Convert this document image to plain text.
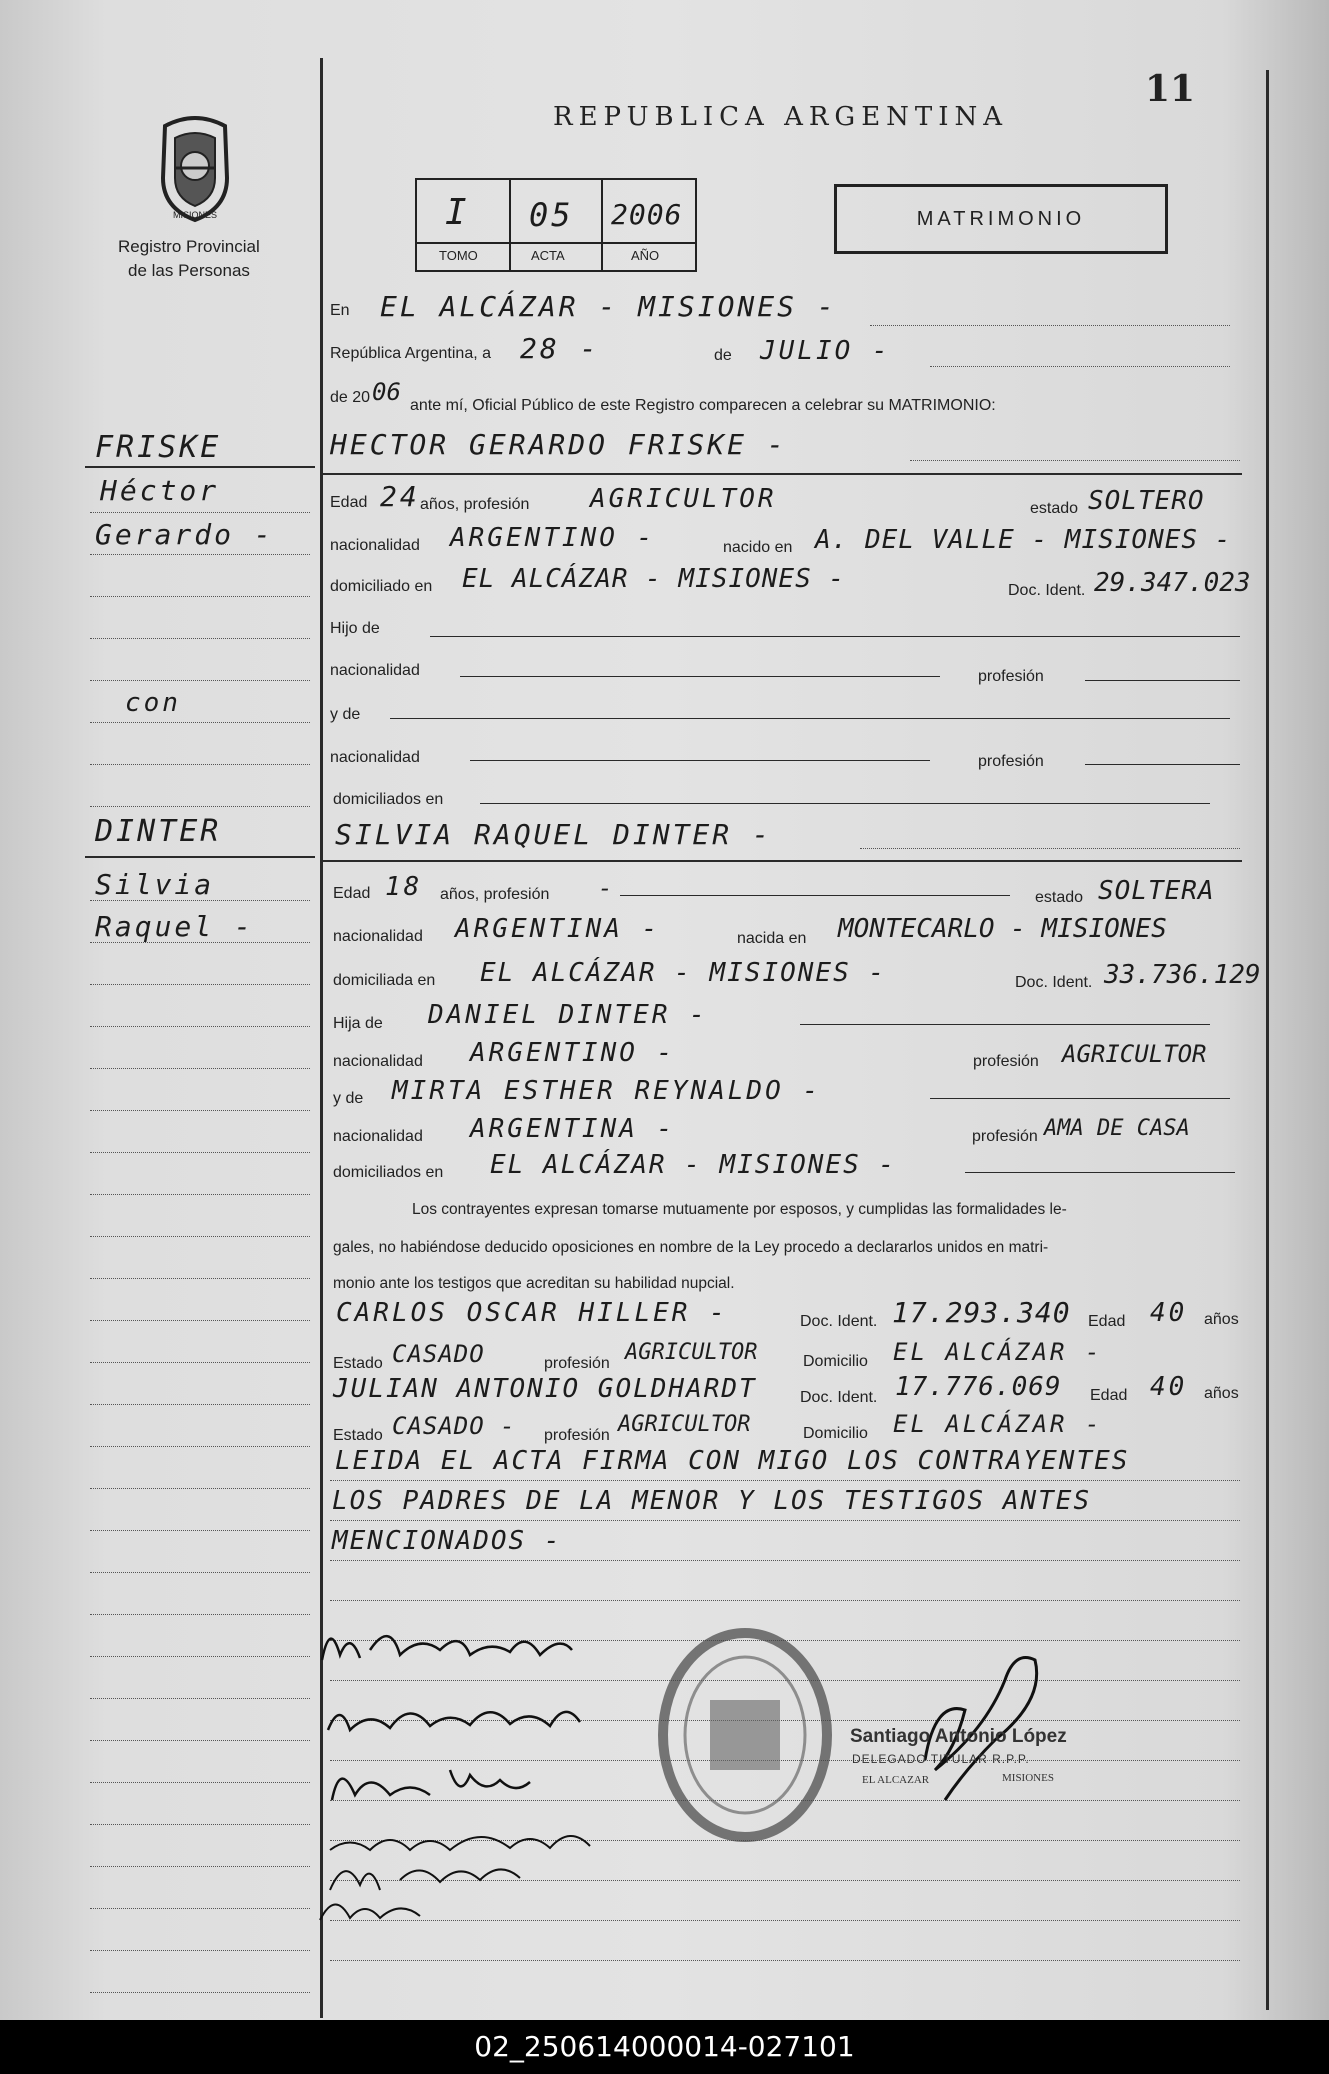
11
MISIONES
Registro Provincial
de las Personas
REPUBLICA ARGENTINA
I 05 2006
TOMO	ACTA	AÑO
MATRIMONIO
En EL ALCÁZAR - MISIONES -
República Argentina, a 28 -	de JULIO -
de 20 06 ante mí, Oficial Público de este Registro comparecen a celebrar su MATRIMONIO:
FRISKE
Héctor
Gerardo -
con
DINTER
Silvia
Raquel -
HECTOR GERARDO FRISKE -
Edad 24 años, profesión AGRICULTOR	estado SOLTERO
nacionalidad ARGENTINO -	nacido en A. DEL VALLE - MISIONES -
domiciliado en EL ALCÁZAR - MISIONES -	Doc. Ident. 29.347.023
Hijo de
nacionalidad	profesión
y de
nacionalidad	profesión
domiciliados en
SILVIA RAQUEL DINTER -
Edad 18 años, profesión -	estado SOLTERA
nacionalidad ARGENTINA -	nacida en MONTECARLO - MISIONES
domiciliada en EL ALCÁZAR - MISIONES -	Doc. Ident. 33.736.129
Hija de DANIEL DINTER -
nacionalidad ARGENTINO -	profesión AGRICULTOR
y de MIRTA ESTHER REYNALDO -
nacionalidad ARGENTINA -	profesión AMA DE CASA
domiciliados en EL ALCÁZAR - MISIONES -
Los contrayentes expresan tomarse mutuamente por esposos, y cumplidas las formalidades le-
gales, no habiéndose deducido oposiciones en nombre de la Ley procedo a declararlos unidos en matri-
monio ante los testigos que acreditan su habilidad nupcial.
CARLOS OSCAR HILLER -	Doc. Ident. 17.293.340 Edad 40 años
Estado CASADO	profesión AGRICULTOR	Domicilio EL ALCÁZAR -
JULIAN ANTONIO GOLDHARDT	Doc. Ident. 17.776.069 Edad 40 años
Estado CASADO - profesión AGRICULTOR	Domicilio EL ALCÁZAR -
LEIDA EL ACTA FIRMA CON MIGO LOS CONTRAYENTES
LOS PADRES DE LA MENOR Y LOS TESTIGOS ANTES
MENCIONADOS -
Santiago Antonio López
DELEGADO TITULAR R.P.P.
EL ALCAZAR	MISIONES
02_250614000014-027101
